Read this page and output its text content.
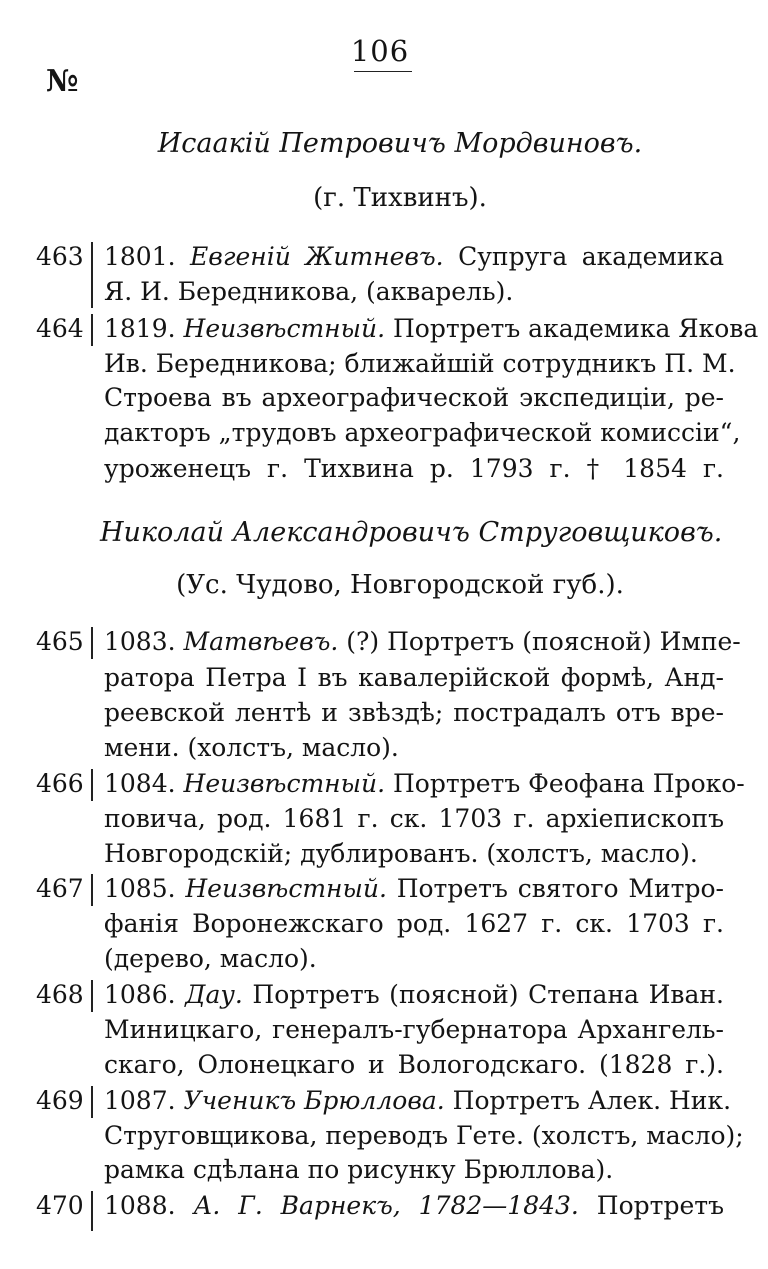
106
№
Исаакій Петровичъ Мордвиновъ.
(г. Тихвинъ).
463 1801. Евгеній Житневъ. Супруга академика
Я. И. Бередникова, (акварель).
464 1819. Неизвѣстный. Портретъ академика Якова
Ив. Бередникова; ближайшій сотрудникъ П. М.
Строева въ археографической экспедиціи, ре-
дакторъ „трудовъ археографической комиссіи“,
уроженецъ г. Тихвина р. 1793 г. † 1854 г.
Николай Александровичъ Струговщиковъ.
(Ус. Чудово, Новгородской губ.).
465 1083. Матвѣевъ. (?) Портретъ (поясной) Импе-
ратора Петра I въ кавалерійской формѣ, Анд-
реевской лентѣ и звѣздѣ; пострадалъ отъ вре-
мени. (холстъ, масло).
466 1084. Неизвѣстный. Портретъ Феофана Проко-
повича, род. 1681 г. ск. 1703 г. архіепископъ
Новгородскій; дублированъ. (холстъ, масло).
467 1085. Неизвѣстный. Потретъ святого Митро-
фанія Воронежскаго род. 1627 г. ск. 1703 г.
(дерево, масло).
468 1086. Дау. Портретъ (поясной) Степана Иван.
Миницкаго, генералъ-губернатора Архангель-
скаго, Олонецкаго и Вологодскаго. (1828 г.).
469 1087. Ученикъ Брюллова. Портретъ Алек. Ник.
Струговщикова, переводъ Гете. (холстъ, масло);
рамка сдѣлана по рисунку Брюллова).
470 1088. А. Г. Варнекъ, 1782—1843. Портретъ
